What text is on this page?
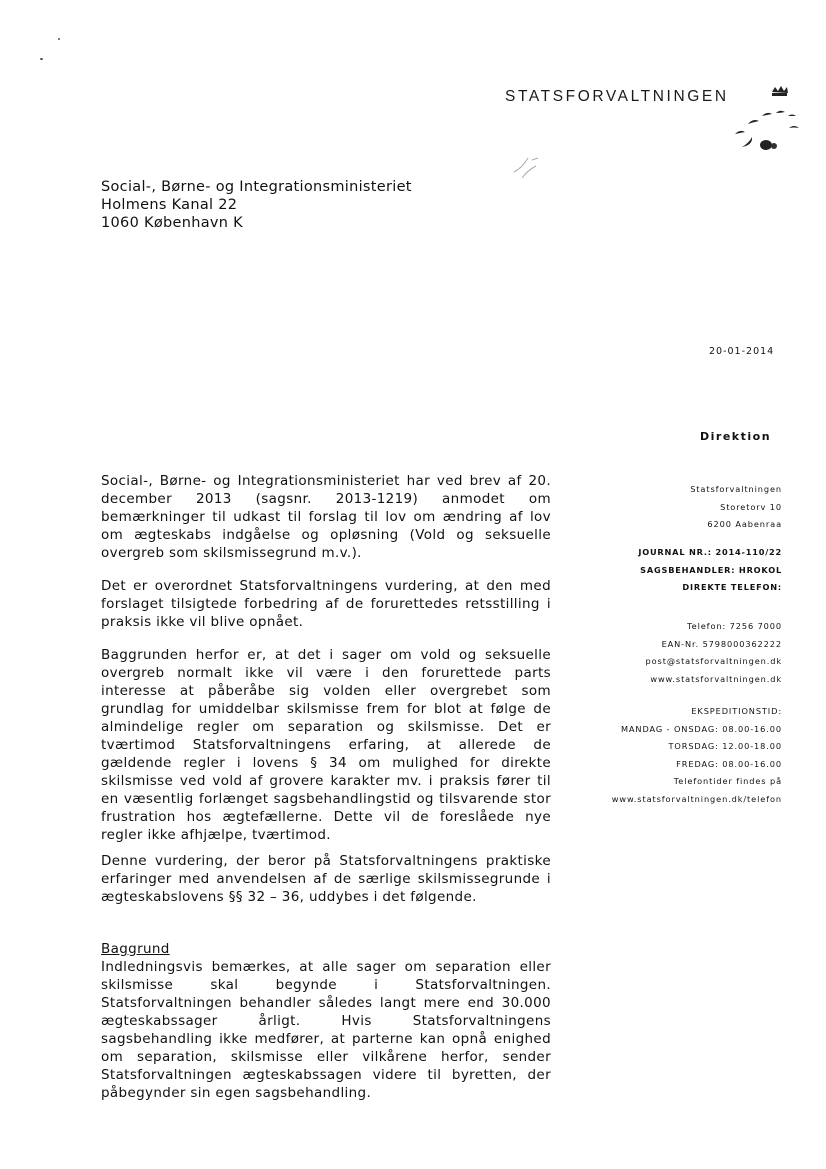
STATSFORVALTNINGEN
Social-, Børne- og Integrationsministeriet
Holmens Kanal 22
1060 København K
20-01-2014
Direktion
Statsforvaltningen
Storetorv 10
6200 Aabenraa
JOURNAL NR.: 2014-110/22
SAGSBEHANDLER: HROKOL
DIREKTE TELEFON:
Telefon: 7256 7000
EAN-Nr. 5798000362222
post@statsforvaltningen.dk
www.statsforvaltningen.dk
EKSPEDITIONSTID:
MANDAG - ONSDAG: 08.00-16.00
TORSDAG: 12.00-18.00
FREDAG: 08.00-16.00
Telefontider findes på
www.statsforvaltningen.dk/telefon
Social-, Børne- og Integrationsministeriet har ved brev af 20. december 2013 (sagsnr. 2013-1219) anmodet om bemærkninger til udkast til forslag til lov om ændring af lov om ægteskabs indgåelse og opløsning (Vold og seksuelle overgreb som skilsmissegrund m.v.).
Det er overordnet Statsforvaltningens vurdering, at den med forslaget tilsigtede forbedring af de forurettedes retsstilling i praksis ikke vil blive opnået.
Baggrunden herfor er, at det i sager om vold og seksuelle overgreb normalt ikke vil være i den forurettede parts interesse at påberåbe sig volden eller overgrebet som grundlag for umiddelbar skilsmisse frem for blot at følge de almindelige regler om separation og skilsmisse. Det er tværtimod Statsforvaltningens erfaring, at allerede de gældende regler i lovens § 34 om mulighed for direkte skilsmisse ved vold af grovere karakter mv. i praksis fører til en væsentlig forlænget sagsbehandlingstid og tilsvarende stor frustration hos ægtefællerne. Dette vil de foreslåede nye regler ikke afhjælpe, tværtimod.
Denne vurdering, der beror på Statsforvaltningens praktiske erfaringer med anvendelsen af de særlige skilsmissegrunde i ægteskabslovens §§ 32 – 36, uddybes i det følgende.
Baggrund
Indledningsvis bemærkes, at alle sager om separation eller skilsmisse skal begynde i Statsforvaltningen. Statsforvaltningen behandler således langt mere end 30.000 ægteskabssager årligt. Hvis Statsforvaltningens sagsbehandling ikke medfører, at parterne kan opnå enighed om separation, skilsmisse eller vilkårene herfor, sender Statsforvaltningen ægteskabssagen videre til byretten, der påbegynder sin egen sagsbehandling.
